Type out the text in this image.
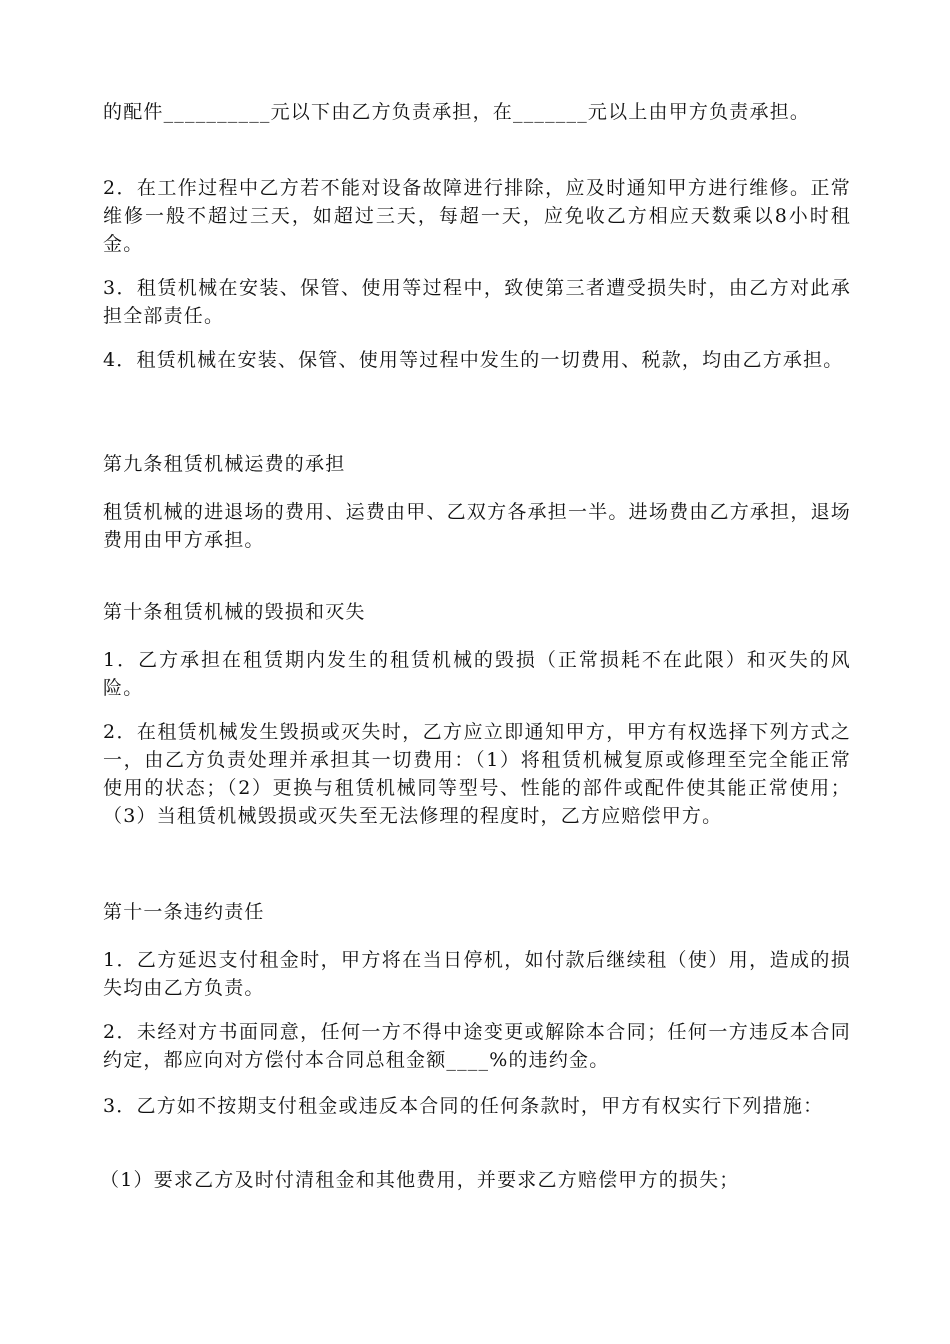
的配件__________元以下由乙方负责承担，在_______元以上由甲方负责承担。

2．在工作过程中乙方若不能对设备故障进行排除，应及时通知甲方进行维修。正常维修一般不超过三天，如超过三天，每超一天，应免收乙方相应天数乘以8小时租金。

3．租赁机械在安装、保管、使用等过程中，致使第三者遭受损失时，由乙方对此承担全部责任。

4．租赁机械在安装、保管、使用等过程中发生的一切费用、税款，均由乙方承担。

第九条租赁机械运费的承担

租赁机械的进退场的费用、运费由甲、乙双方各承担一半。进场费由乙方承担，退场费用由甲方承担。

第十条租赁机械的毁损和灭失

1．乙方承担在租赁期内发生的租赁机械的毁损（正常损耗不在此限）和灭失的风险。

2．在租赁机械发生毁损或灭失时，乙方应立即通知甲方，甲方有权选择下列方式之一，由乙方负责处理并承担其一切费用：（1）将租赁机械复原或修理至完全能正常使用的状态；（2）更换与租赁机械同等型号、性能的部件或配件使其能正常使用；（3）当租赁机械毁损或灭失至无法修理的程度时，乙方应赔偿甲方。

第十一条违约责任

1．乙方延迟支付租金时，甲方将在当日停机，如付款后继续租（使）用，造成的损失均由乙方负责。

2．未经对方书面同意，任何一方不得中途变更或解除本合同；任何一方违反本合同约定，都应向对方偿付本合同总租金额____%的违约金。

3．乙方如不按期支付租金或违反本合同的任何条款时，甲方有权实行下列措施：

（1）要求乙方及时付清租金和其他费用，并要求乙方赔偿甲方的损失；
